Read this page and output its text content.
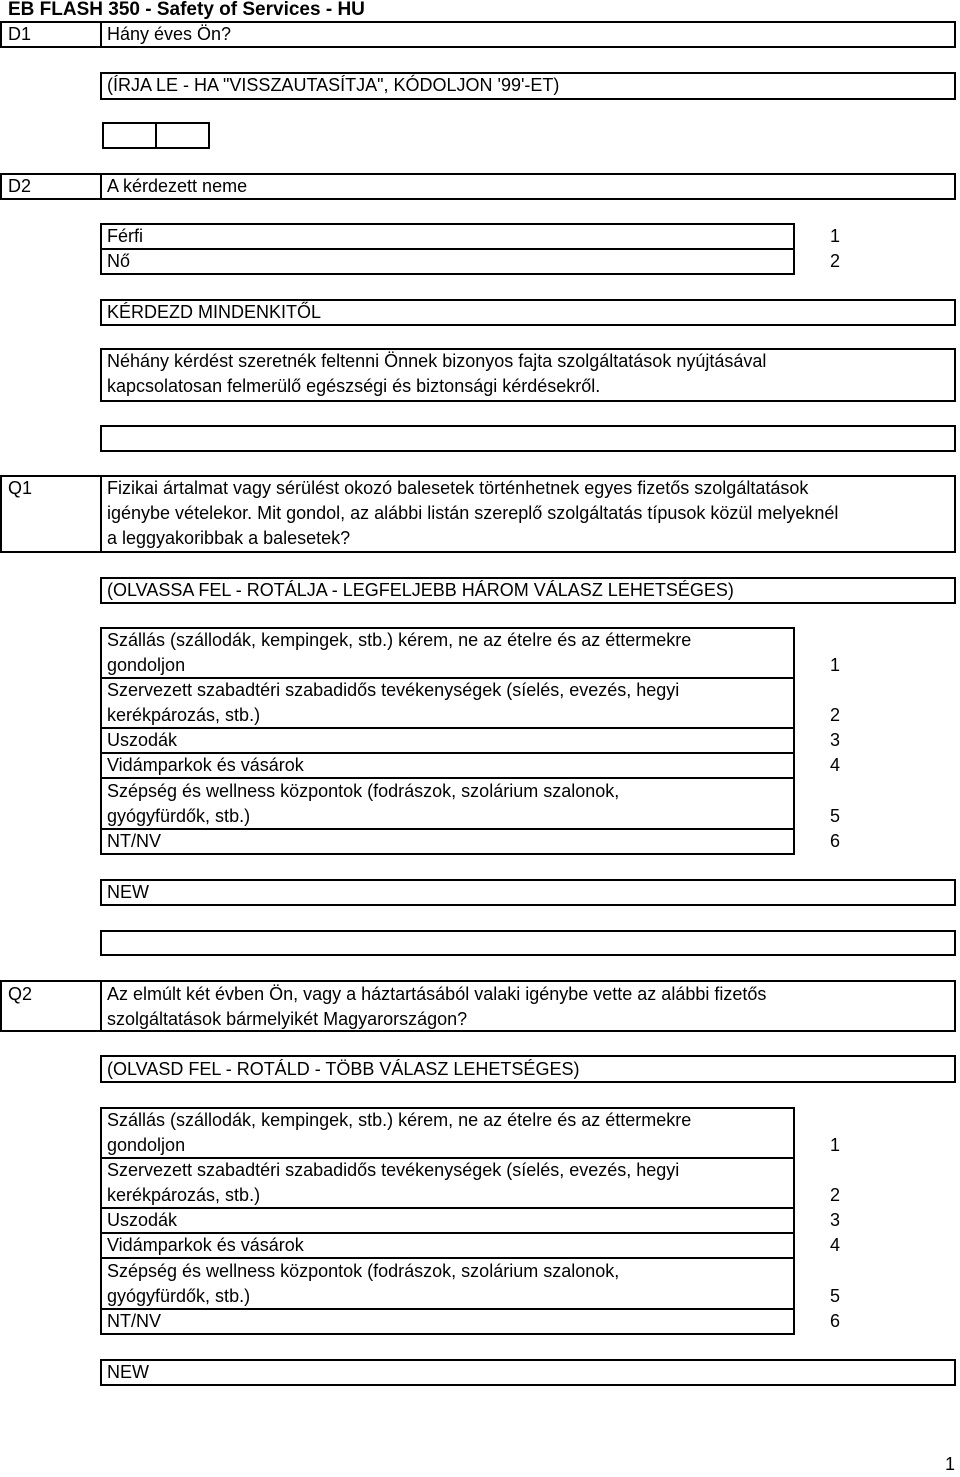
EB FLASH 350 - Safety of Services - HU
D1	Hány éves Ön?
(ÍRJA LE - HA "VISSZAUTASÍTJA", KÓDOLJON '99'-ET)
D2	A kérdezett neme
Férfi	1
Nő	2
KÉRDEZD MINDENKITŐL
Néhány kérdést szeretnék feltenni Önnek bizonyos fajta szolgáltatások nyújtásával
kapcsolatosan felmerülő egészségi és biztonsági kérdésekről.
Q1	Fizikai ártalmat vagy sérülést okozó balesetek történhetnek egyes fizetős szolgáltatások
igénybe vételekor. Mit gondol, az alábbi listán szereplő szolgáltatás típusok közül melyeknél
a leggyakoribbak a balesetek?
(OLVASSA FEL - ROTÁLJA - LEGFELJEBB HÁROM VÁLASZ LEHETSÉGES)
Szállás (szállodák, kempingek, stb.) kérem, ne az ételre és az éttermekre
gondoljon	1
Szervezett szabadtéri szabadidős tevékenységek (síelés, evezés, hegyi
kerékpározás, stb.)	2
Uszodák	3
Vidámparkok és vásárok	4
Szépség és wellness központok (fodrászok, szolárium szalonok,
gyógyfürdők, stb.)	5
NT/NV	6
NEW
Q2	Az elmúlt két évben Ön, vagy a háztartásából valaki igénybe vette az alábbi fizetős
szolgáltatások bármelyikét Magyarországon?
(OLVASD FEL - ROTÁLD - TÖBB VÁLASZ LEHETSÉGES)
Szállás (szállodák, kempingek, stb.) kérem, ne az ételre és az éttermekre
gondoljon	1
Szervezett szabadtéri szabadidős tevékenységek (síelés, evezés, hegyi
kerékpározás, stb.)	2
Uszodák	3
Vidámparkok és vásárok	4
Szépség és wellness központok (fodrászok, szolárium szalonok,
gyógyfürdők, stb.)	5
NT/NV	6
NEW
1
